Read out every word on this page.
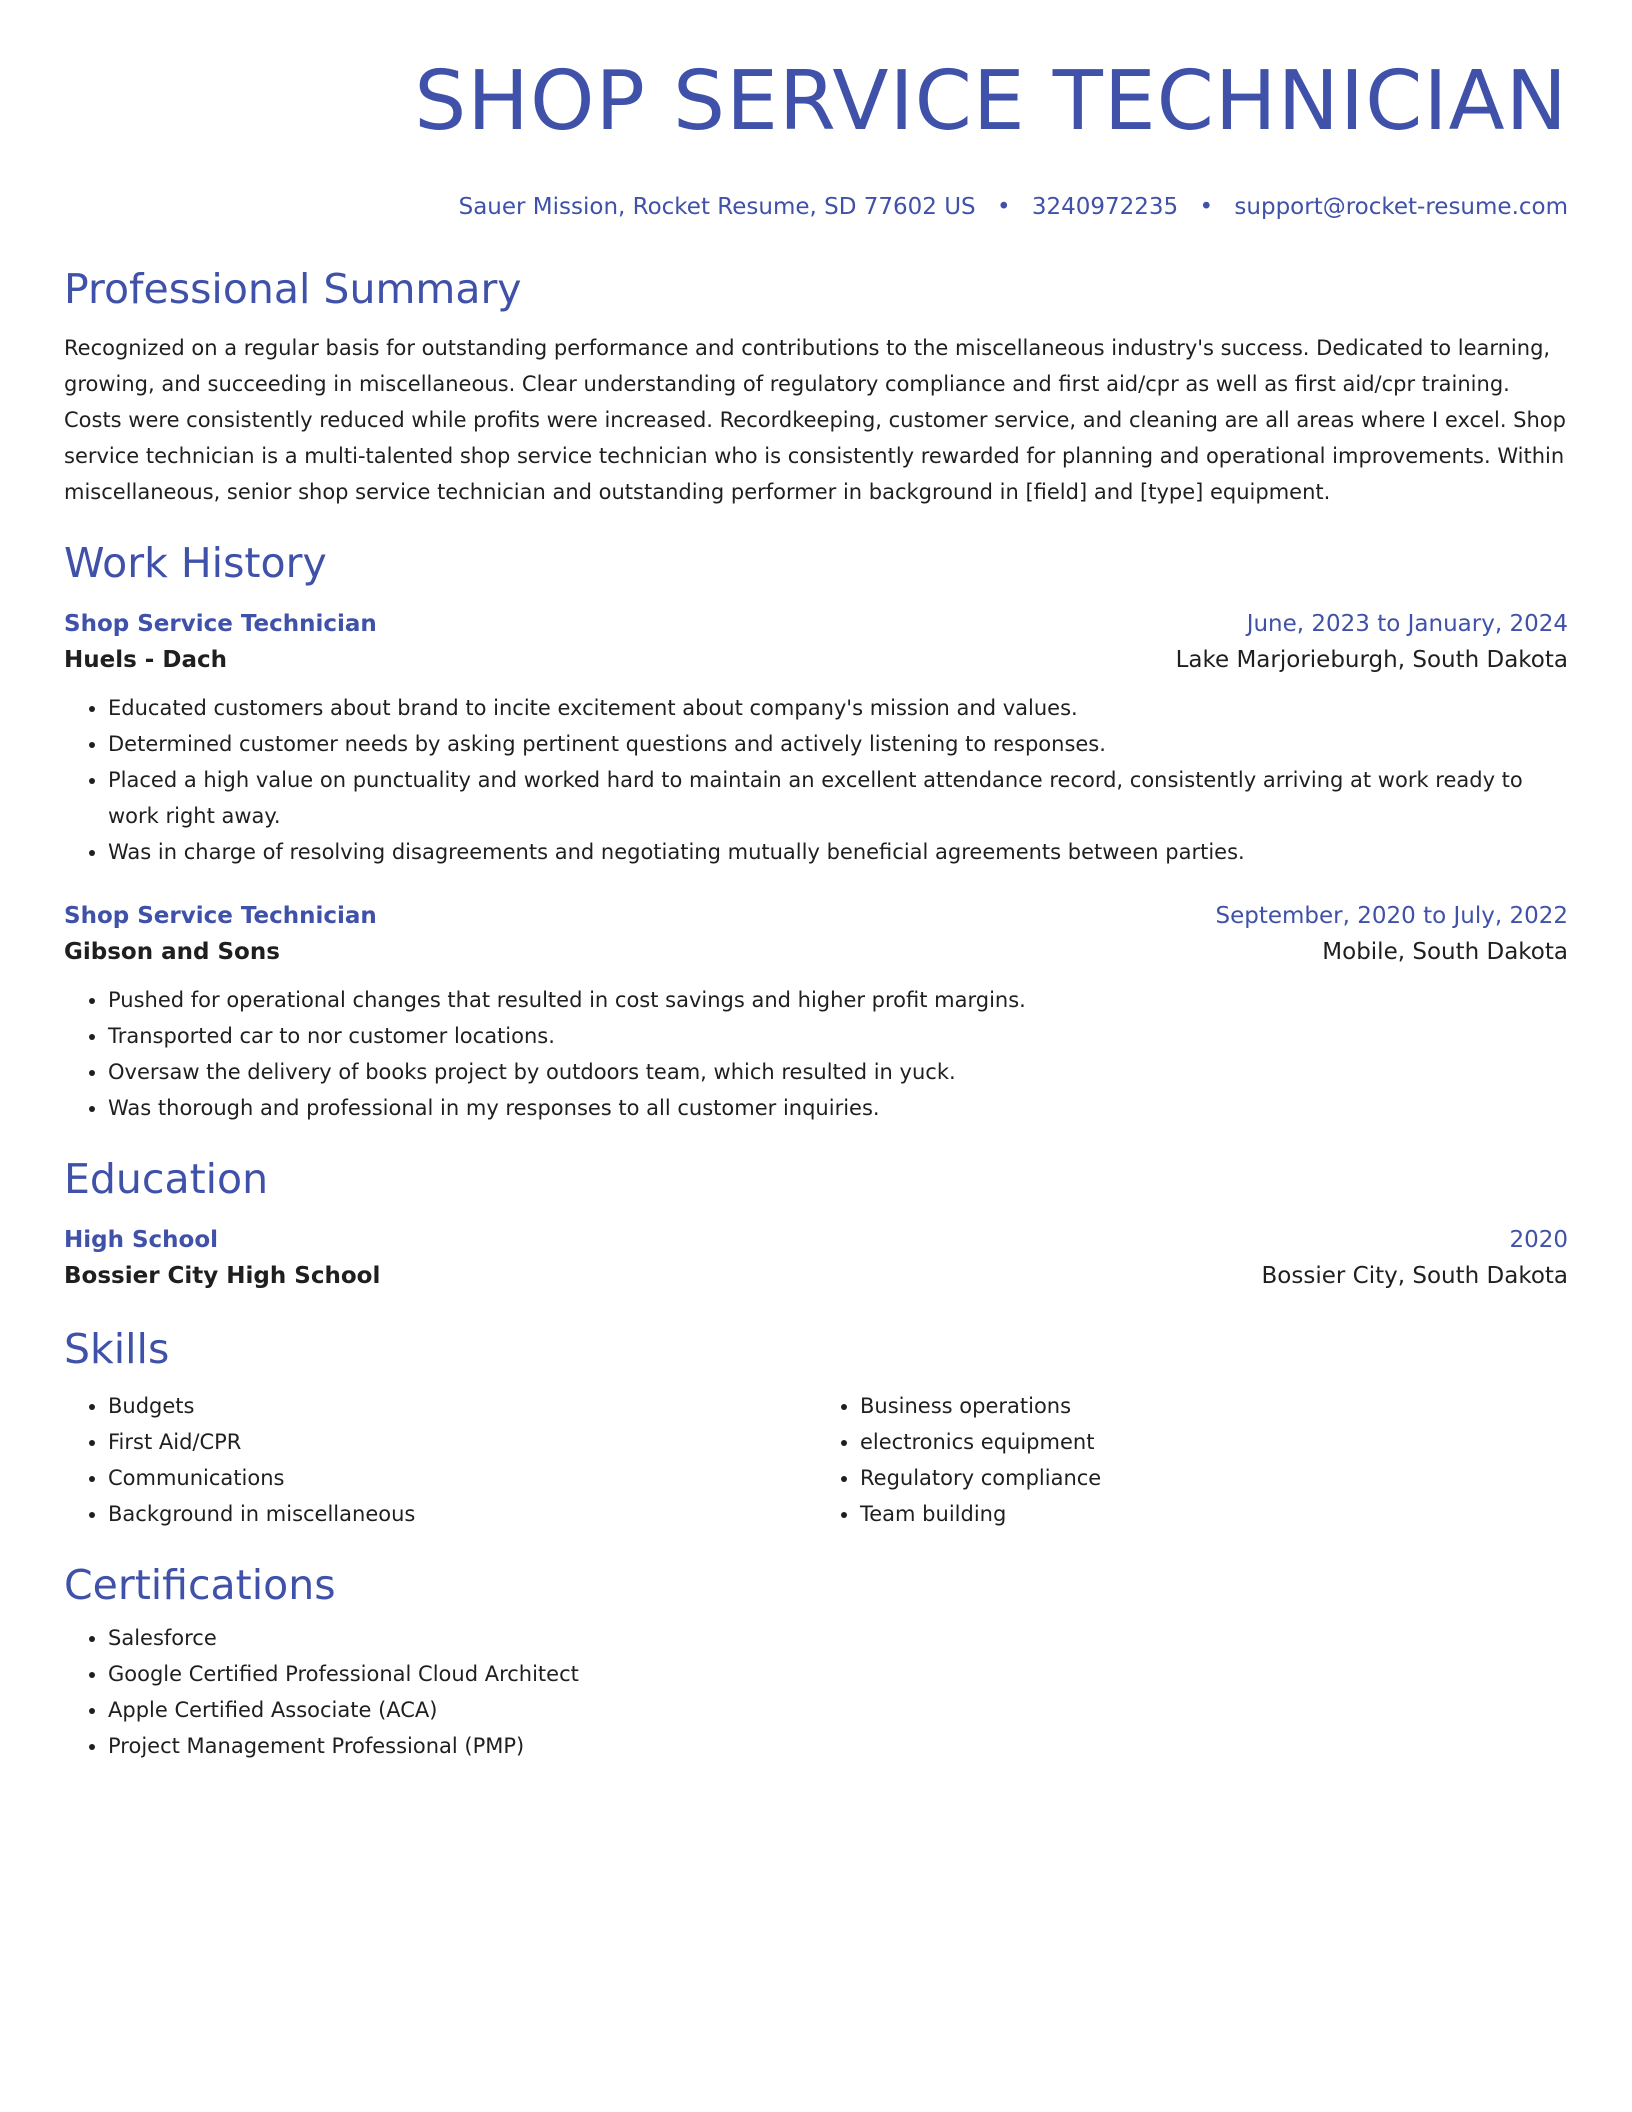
SHOP SERVICE TECHNICIAN
Sauer Mission, Rocket Resume, SD 77602 US • 3240972235 • support@rocket-resume.com
Professional Summary

Recognized on a regular basis for outstanding performance and contributions to the miscellaneous industry's success. Dedicated to learning, growing, and succeeding in miscellaneous. Clear understanding of regulatory compliance and first aid/cpr as well as first aid/cpr training. Costs were consistently reduced while profits were increased. Recordkeeping, customer service, and cleaning are all areas where I excel. Shop service technician is a multi-talented shop service technician who is consistently rewarded for planning and operational improvements. Within miscellaneous, senior shop service technician and outstanding performer in background in [field] and [type] equipment.

Work History
Shop Service Technician	June, 2023 to January, 2024
Huels - Dach	Lake Marjorieburgh, South Dakota
• Educated customers about brand to incite excitement about company's mission and values.
• Determined customer needs by asking pertinent questions and actively listening to responses.
• Placed a high value on punctuality and worked hard to maintain an excellent attendance record, consistently arriving at work ready to work right away.
• Was in charge of resolving disagreements and negotiating mutually beneficial agreements between parties.
Shop Service Technician	September, 2020 to July, 2022
Gibson and Sons	Mobile, South Dakota
• Pushed for operational changes that resulted in cost savings and higher profit margins.
• Transported car to nor customer locations.
• Oversaw the delivery of books project by outdoors team, which resulted in yuck.
• Was thorough and professional in my responses to all customer inquiries.
Education
High School	2020
Bossier City High School	Bossier City, South Dakota
Skills
• Budgets
• First Aid/CPR
• Communications
• Background in miscellaneous
• Business operations
• electronics equipment
• Regulatory compliance
• Team building
Certifications
• Salesforce
• Google Certified Professional Cloud Architect
• Apple Certified Associate (ACA)
• Project Management Professional (PMP)
